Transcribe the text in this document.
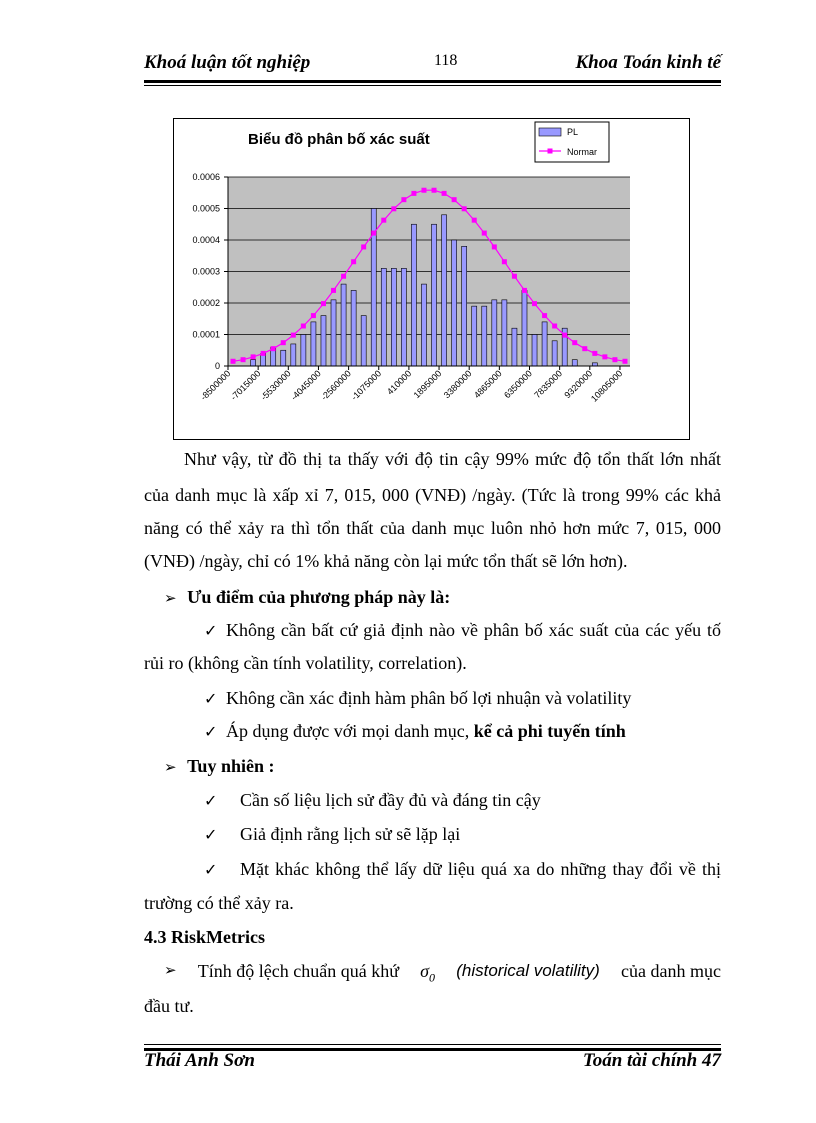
Khoá luận tốt nghiệp	118	Khoa Toán kinh tế
Biểu đồ phân bố xác suất	PL
Normar
0
0.0001
0.0002
0.0003
0.0004
0.0005
0.0006
-8500000
-7015000
-5530000
-4045000
-2560000
-1075000 410000
1895000
3380000
4865000
6350000
7835000
9320000
10805000
Như vậy, từ đồ thị ta thấy với độ tin cậy 99% mức độ tổn thất lớn nhất
của danh mục là xấp xỉ 7, 015, 000 (VNĐ) /ngày. (Tức là trong 99% các khả
năng có thể xảy ra thì tổn thất của danh mục luôn nhỏ hơn mức 7, 015, 000
(VNĐ) /ngày, chỉ có 1% khả năng còn lại mức tổn thất sẽ lớn hơn).
➢ Ưu điểm của phương pháp này là:
✓ Không cần bất cứ giả định nào về phân bố xác suất của các yếu tố
rủi ro (không cần tính volatility, correlation).
✓ Không cần xác định hàm phân bố lợi nhuận và volatility
✓ Áp dụng được với mọi danh mục, kể cả phi tuyến tính
➢ Tuy nhiên :
✓ Cần số liệu lịch sử đầy đủ và đáng tin cậy
✓ Giả định rằng lịch sử sẽ lặp lại
✓ Mặt khác không thể lấy dữ liệu quá xa do những thay đổi về thị
trường có thể xảy ra.
4.3 RiskMetrics
➢ Tính độ lệch chuẩn quá khứ $\sigma_0$ (historical volatility) của danh mục
đầu tư.
Thái Anh Sơn	Toán tài chính 47
